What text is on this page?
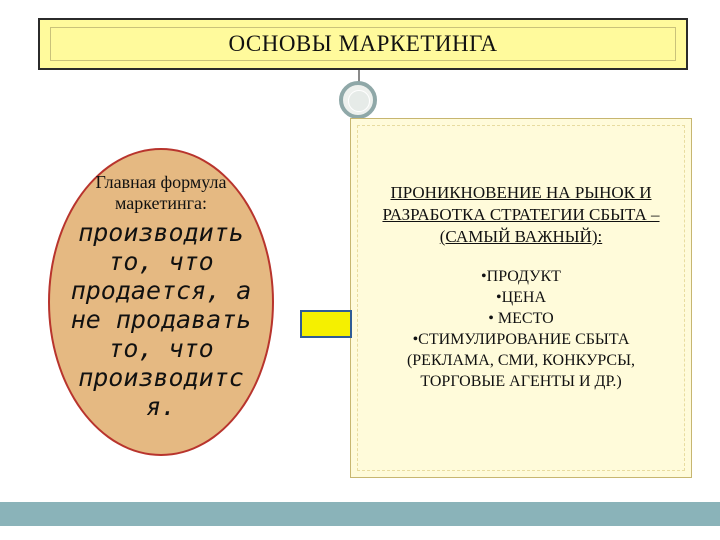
ОСНОВЫ МАРКЕТИНГА
Главная формула маркетинга:
производить то, что продается, а не продавать то, что производитс я.
ПРОНИКНОВЕНИЕ НА РЫНОК И РАЗРАБОТКА СТРАТЕГИИ СБЫТА – (САМЫЙ ВАЖНЫЙ):
•ПРОДУКТ
•ЦЕНА
• МЕСТО
•СТИМУЛИРОВАНИЕ СБЫТА
(РЕКЛАМА, СМИ, КОНКУРСЫ,
ТОРГОВЫЕ АГЕНТЫ И ДР.)
